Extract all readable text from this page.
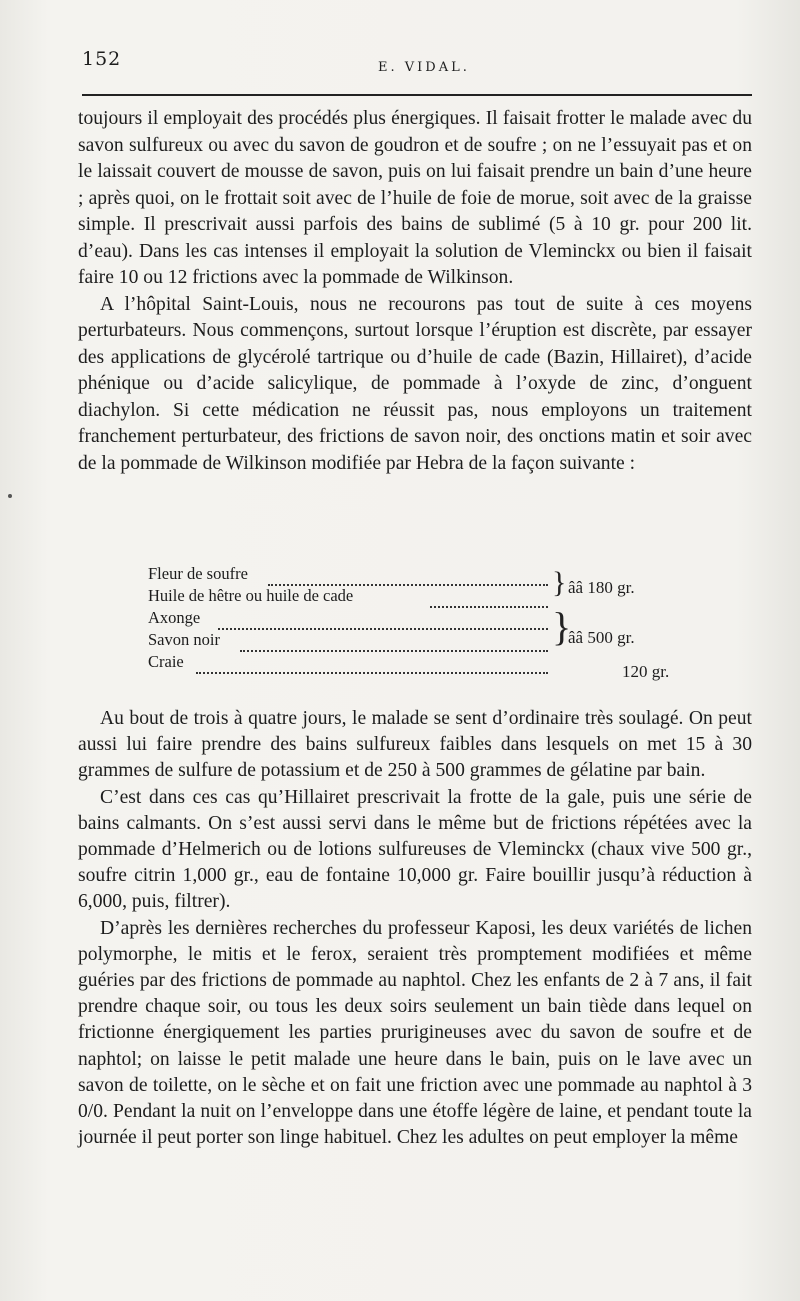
152	E. VIDAL.

toujours il employait des procédés plus énergiques. Il faisait frotter le malade avec du savon sulfureux ou avec du savon de goudron et de soufre ; on ne l’essuyait pas et on le laissait couvert de mousse de savon, puis on lui faisait prendre un bain d’une heure ; après quoi, on le frottait soit avec de l’huile de foie de morue, soit avec de la graisse simple. Il prescrivait aussi parfois des bains de sublimé (5 à 10 gr. pour 200 lit. d’eau). Dans les cas intenses il employait la solution de Vleminckx ou bien il faisait faire 10 ou 12 frictions avec la pommade de Wilkinson.

A l’hôpital Saint-Louis, nous ne recourons pas tout de suite à ces moyens perturbateurs. Nous commençons, surtout lorsque l’éruption est discrète, par essayer des applications de glycérolé tartrique ou d’huile de cade (Bazin, Hillairet), d’acide phénique ou d’acide salicylique, de pommade à l’oxyde de zinc, d’onguent diachylon. Si cette médication ne réussit pas, nous employons un traitement franchement perturbateur, des frictions de savon noir, des onctions matin et soir avec de la pommade de Wilkinson modifiée par Hebra de la façon suivante :

Fleur de soufre
Huile de hêtre ou huile de cade
Axonge
Savon noir
Craie
} ââ 180 gr.
}
ââ 500 gr.
120 gr.

Au bout de trois à quatre jours, le malade se sent d’ordinaire très soulagé. On peut aussi lui faire prendre des bains sulfureux faibles dans lesquels on met 15 à 30 grammes de sulfure de potassium et de 250 à 500 grammes de gélatine par bain.

C’est dans ces cas qu’Hillairet prescrivait la frotte de la gale, puis une série de bains calmants. On s’est aussi servi dans le même but de frictions répétées avec la pommade d’Helmerich ou de lotions sulfureuses de Vleminckx (chaux vive 500 gr., soufre citrin 1,000 gr., eau de fontaine 10,000 gr. Faire bouillir jusqu’à réduction à 6,000, puis, filtrer).

D’après les dernières recherches du professeur Kaposi, les deux variétés de lichen polymorphe, le mitis et le ferox, seraient très promptement modifiées et même guéries par des frictions de pommade au naphtol. Chez les enfants de 2 à 7 ans, il fait prendre chaque soir, ou tous les deux soirs seulement un bain tiède dans lequel on frictionne énergiquement les parties prurigineuses avec du savon de soufre et de naphtol; on laisse le petit malade une heure dans le bain, puis on le lave avec un savon de toilette, on le sèche et on fait une friction avec une pommade au naphtol à 3 0/0. Pendant la nuit on l’enveloppe dans une étoffe légère de laine, et pendant toute la journée il peut porter son linge habituel. Chez les adultes on peut employer la même
